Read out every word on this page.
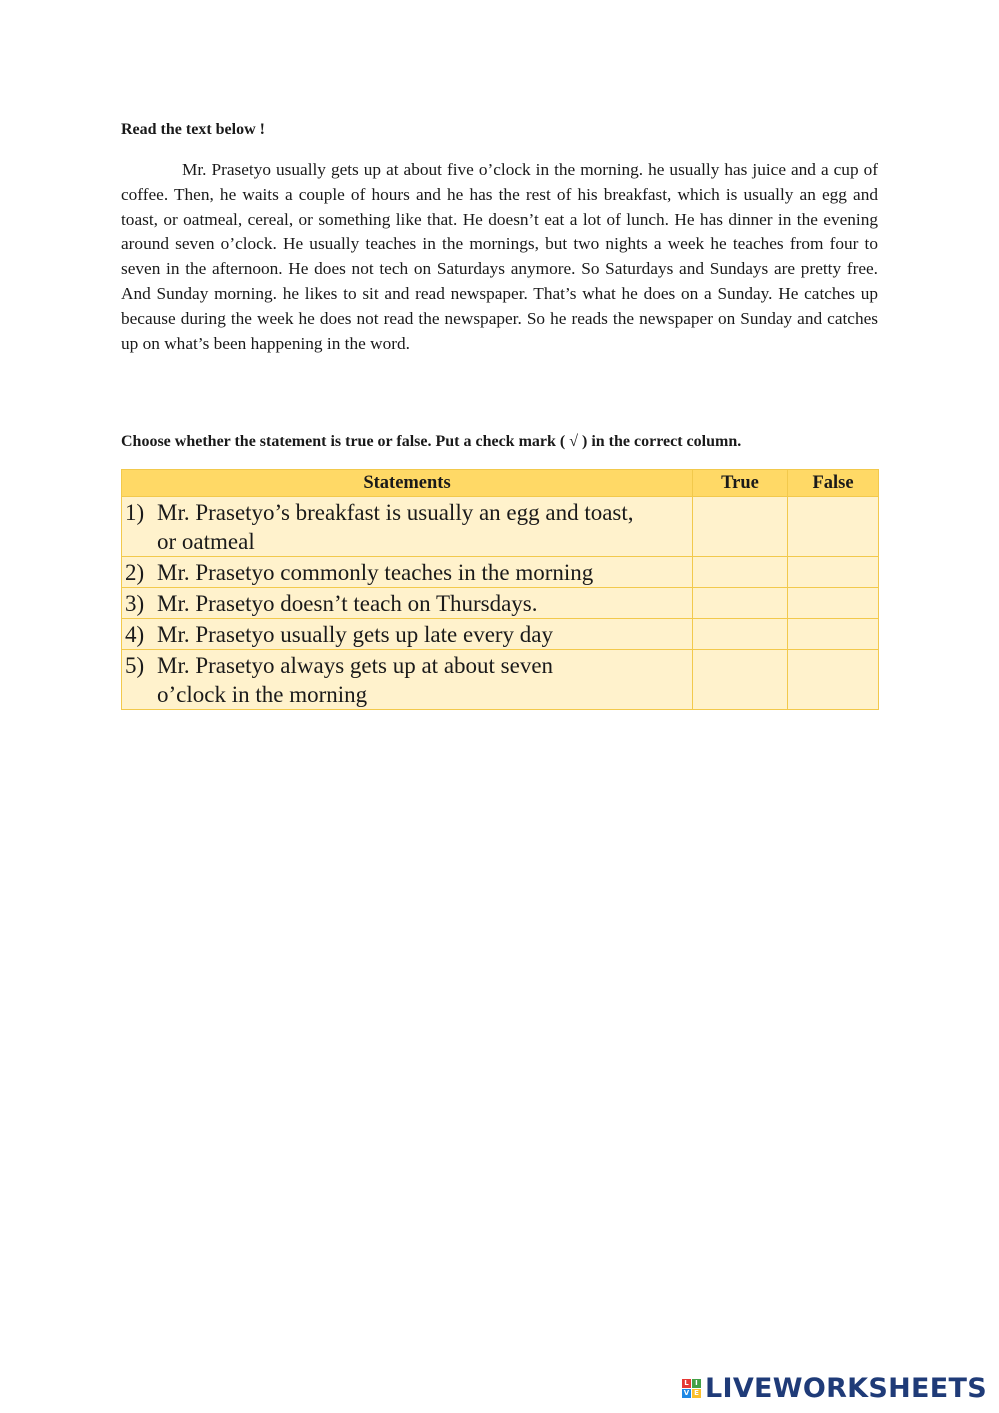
Read the text below !

Mr. Prasetyo usually gets up at about five o’clock in the morning. he usually has juice and a cup of coffee. Then, he waits a couple of hours and he has the rest of his breakfast, which is usually an egg and toast, or oatmeal, cereal, or something like that. He doesn’t eat a lot of lunch. He has dinner in the evening around seven o’clock. He usually teaches in the mornings, but two nights a week he teaches from four to seven in the afternoon. He does not tech on Saturdays anymore. So Saturdays and Sundays are pretty free. And Sunday morning. he likes to sit and read newspaper. That’s what he does on a Sunday. He catches up because during the week he does not read the newspaper. So he reads the newspaper on Sunday and catches up on what’s been happening in the word.

Choose whether the statement is true or false. Put a check mark ( √ ) in the correct column.

Statements	True	False

1) Mr. Prasetyo’s breakfast is usually an egg and toast, or oatmeal		

2) Mr. Prasetyo commonly teaches in the morning		

3) Mr. Prasetyo doesn’t teach on Thursdays.		

4) Mr. Prasetyo usually gets up late every day		

5) Mr. Prasetyo always gets up at about seven o’clock in the morning		

L I
V E LIVEWORKSHEETS
